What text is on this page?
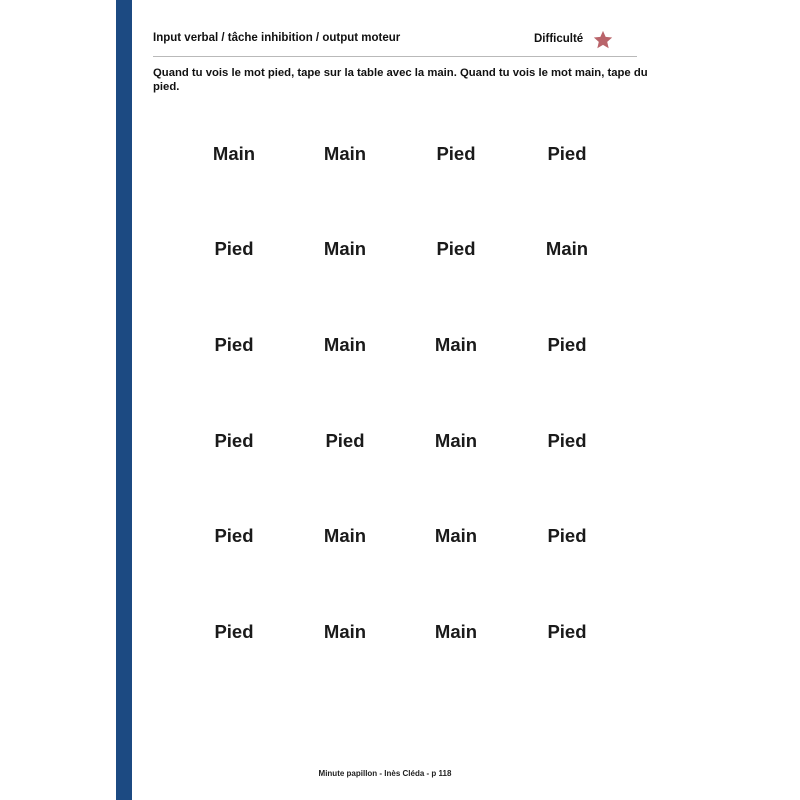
Input verbal / tâche inhibition / output moteur	Difficulté
Quand tu vois le mot pied, tape sur la table avec la main. Quand tu vois le mot main, tape du pied.
Main	Main	Pied	Pied
Pied	Main	Pied	Main
Pied	Main	Main	Pied
Pied	Pied	Main	Pied
Pied	Main	Main	Pied
Pied	Main	Main	Pied
Minute papillon - Inès Cléda - p 118
